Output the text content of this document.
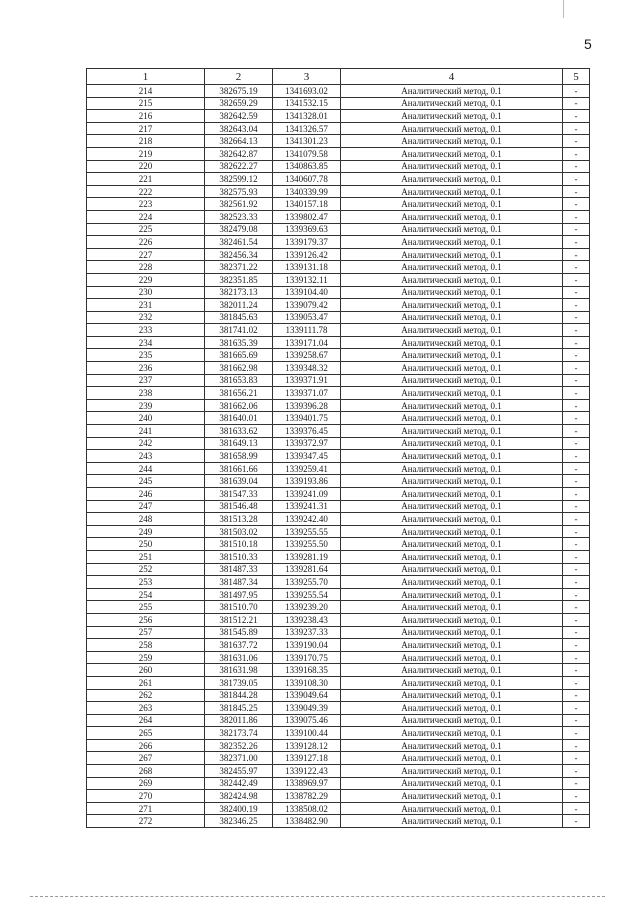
5
1	2	3	4	5
214	382675.19	1341693.02	Аналитический метод, 0.1	-
215	382659.29	1341532.15	Аналитический метод, 0.1	-
216	382642.59	1341328.01	Аналитический метод, 0.1	-
217	382643.04	1341326.57	Аналитический метод, 0.1	-
218	382664.13	1341301.23	Аналитический метод, 0.1	-
219	382642.87	1341079.58	Аналитический метод, 0.1	-
220	382622.27	1340863.85	Аналитический метод, 0.1	-
221	382599.12	1340607.78	Аналитический метод, 0.1	-
222	382575.93	1340339.99	Аналитический метод, 0.1	-
223	382561.92	1340157.18	Аналитический метод, 0.1	-
224	382523.33	1339802.47	Аналитический метод, 0.1	-
225	382479.08	1339369.63	Аналитический метод, 0.1	-
226	382461.54	1339179.37	Аналитический метод, 0.1	-
227	382456.34	1339126.42	Аналитический метод, 0.1	-
228	382371.22	1339131.18	Аналитический метод, 0.1	-
229	382351.85	1339132.11	Аналитический метод, 0.1	-
230	382173.13	1339104.40	Аналитический метод, 0.1	-
231	382011.24	1339079.42	Аналитический метод, 0.1	-
232	381845.63	1339053.47	Аналитический метод, 0.1	-
233	381741.02	1339111.78	Аналитический метод, 0.1	-
234	381635.39	1339171.04	Аналитический метод, 0.1	-
235	381665.69	1339258.67	Аналитический метод, 0.1	-
236	381662.98	1339348.32	Аналитический метод, 0.1	-
237	381653.83	1339371.91	Аналитический метод, 0.1	-
238	381656.21	1339371.07	Аналитический метод, 0.1	-
239	381662.06	1339396.28	Аналитический метод, 0.1	-
240	381640.01	1339401.75	Аналитический метод, 0.1	-
241	381633.62	1339376.45	Аналитический метод, 0.1	-
242	381649.13	1339372.97	Аналитический метод, 0.1	-
243	381658.99	1339347.45	Аналитический метод, 0.1	-
244	381661.66	1339259.41	Аналитический метод, 0.1	-
245	381639.04	1339193.86	Аналитический метод, 0.1	-
246	381547.33	1339241.09	Аналитический метод, 0.1	-
247	381546.48	1339241.31	Аналитический метод, 0.1	-
248	381513.28	1339242.40	Аналитический метод, 0.1	-
249	381503.02	1339255.55	Аналитический метод, 0.1	-
250	381510.18	1339255.50	Аналитический метод, 0.1	-
251	381510.33	1339281.19	Аналитический метод, 0.1	-
252	381487.33	1339281.64	Аналитический метод, 0.1	-
253	381487.34	1339255.70	Аналитический метод, 0.1	-
254	381497.95	1339255.54	Аналитический метод, 0.1	-
255	381510.70	1339239.20	Аналитический метод, 0.1	-
256	381512.21	1339238.43	Аналитический метод, 0.1	-
257	381545.89	1339237.33	Аналитический метод, 0.1	-
258	381637.72	1339190.04	Аналитический метод, 0.1	-
259	381631.06	1339170.75	Аналитический метод, 0.1	-
260	381631.98	1339168.35	Аналитический метод, 0.1	-
261	381739.05	1339108.30	Аналитический метод, 0.1	-
262	381844.28	1339049.64	Аналитический метод, 0.1	-
263	381845.25	1339049.39	Аналитический метод, 0.1	-
264	382011.86	1339075.46	Аналитический метод, 0.1	-
265	382173.74	1339100.44	Аналитический метод, 0.1	-
266	382352.26	1339128.12	Аналитический метод, 0.1	-
267	382371.00	1339127.18	Аналитический метод, 0.1	-
268	382455.97	1339122.43	Аналитический метод, 0.1	-
269	382442.49	1338969.97	Аналитический метод, 0.1	-
270	382424.98	1338782.29	Аналитический метод, 0.1	-
271	382400.19	1338508.02	Аналитический метод, 0.1	-
272	382346.25	1338482.90	Аналитический метод, 0.1	-
